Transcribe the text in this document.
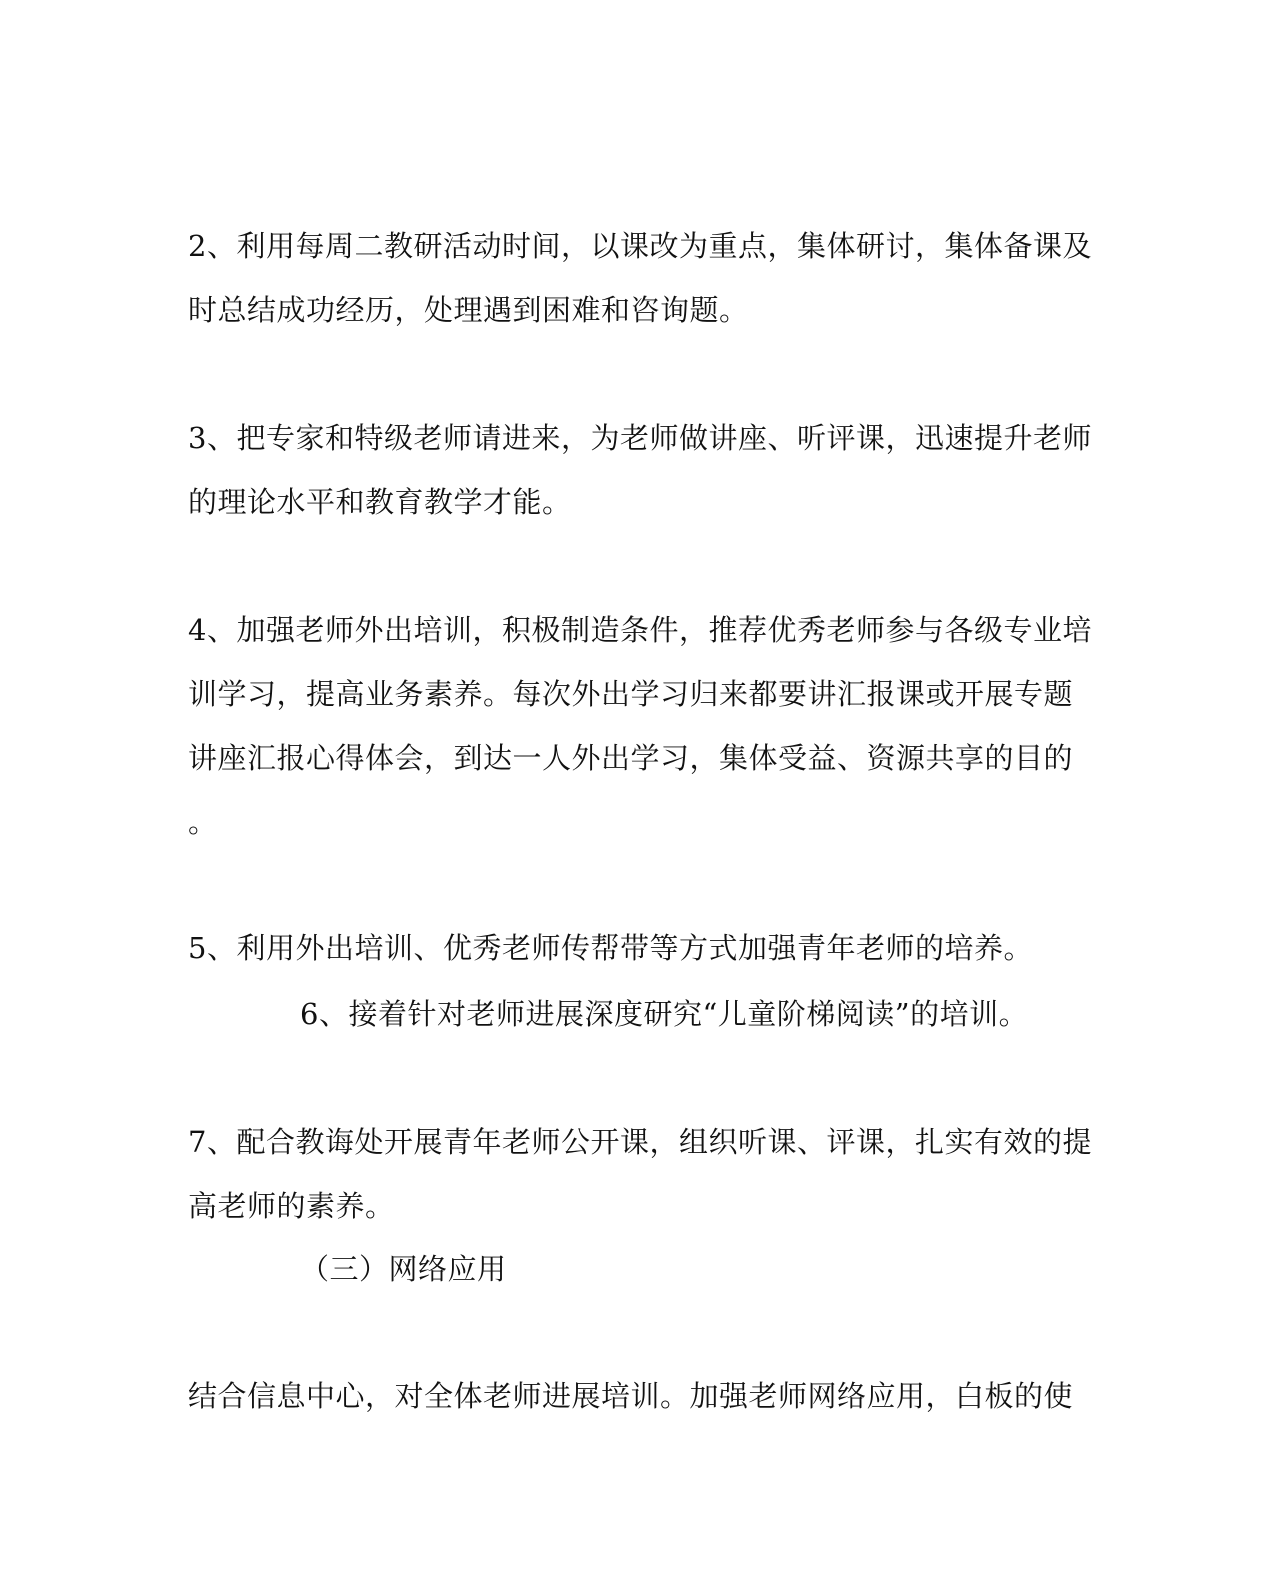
2、利用每周二教研活动时间，以课改为重点，集体研讨，集体备课及
时总结成功经历，处理遇到困难和咨询题。
3、把专家和特级老师请进来，为老师做讲座、听评课，迅速提升老师
的理论水平和教育教学才能。
4、加强老师外出培训，积极制造条件，推荐优秀老师参与各级专业培
训学习，提高业务素养。每次外出学习归来都要讲汇报课或开展专题
讲座汇报心得体会，到达一人外出学习，集体受益、资源共享的目的
。
5、利用外出培训、优秀老师传帮带等方式加强青年老师的培养。
6、接着针对老师进展深度研究“儿童阶梯阅读”的培训。
7、配合教诲处开展青年老师公开课，组织听课、评课，扎实有效的提
高老师的素养。
（三）网络应用
结合信息中心，对全体老师进展培训。加强老师网络应用，白板的使
